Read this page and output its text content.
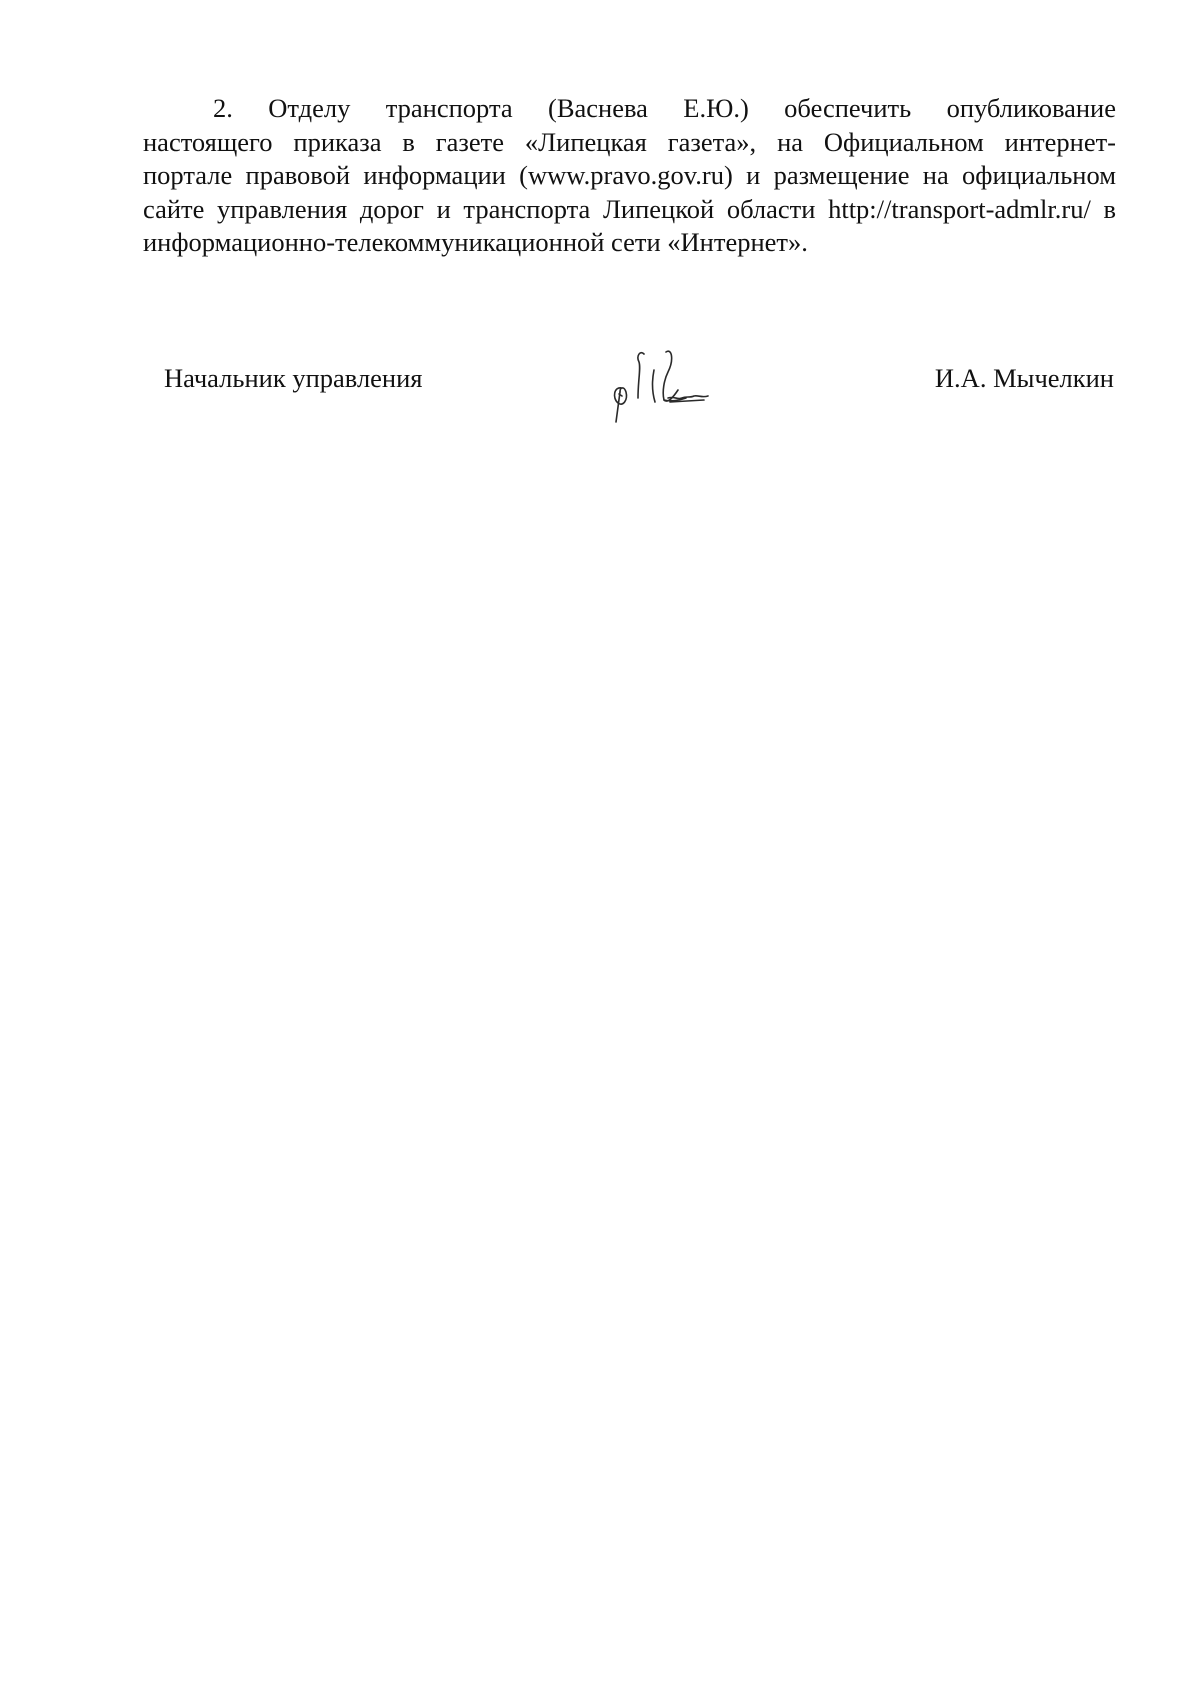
2. Отделу транспорта (Васнева Е.Ю.) обеспечить опубликование
настоящего приказа в газете «Липецкая газета», на Официальном интернет-
портале правовой информации (www.pravo.gov.ru) и размещение на официальном
сайте управления дорог и транспорта Липецкой области http://transport-admlr.ru/ в
информационно-телекоммуникационной сети «Интернет».

Начальник управления	И.А. Мычелкин
